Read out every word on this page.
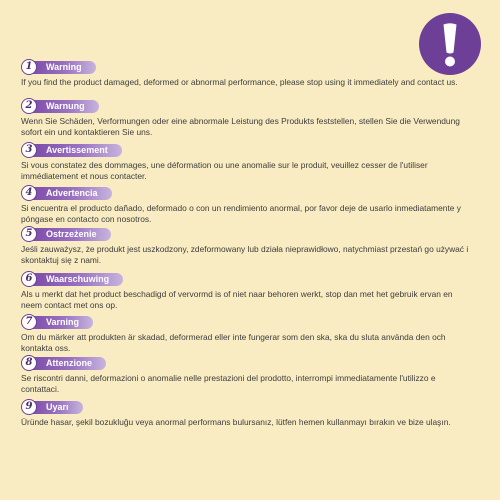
1	Warning

If you find the product damaged, deformed or abnormal performance, please stop using it immediately and contact us.

2	Warnung

Wenn Sie Schäden, Verformungen oder eine abnormale Leistung des Produkts feststellen, stellen Sie die Verwendung sofort ein und kontaktieren Sie uns.

3	Avertissement

Si vous constatez des dommages, une déformation ou une anomalie sur le produit, veuillez cesser de l'utiliser immédiatement et nous contacter.

4	Advertencia

Si encuentra el producto dañado, deformado o con un rendimiento anormal, por favor deje de usarlo inmediatamente y póngase en contacto con nosotros.

5	Ostrzeżenie

Jeśli zauważysz, że produkt jest uszkodzony, zdeformowany lub działa nieprawidłowo, natychmiast przestań go używać i skontaktuj się z nami.

6	Waarschuwing

Als u merkt dat het product beschadigd of vervormd is of niet naar behoren werkt, stop dan met het gebruik ervan en neem contact met ons op.

7	Varning

Om du märker att produkten är skadad, deformerad eller inte fungerar som den ska, ska du sluta använda den och kontakta oss.

8	Attenzione

Se riscontri danni, deformazioni o anomalie nelle prestazioni del prodotto, interrompi immediatamente l'utilizzo e contattaci.

9	Uyarı

Üründe hasar, şekil bozukluğu veya anormal performans bulursanız, lütfen hemen kullanmayı bırakın ve bize ulaşın.
